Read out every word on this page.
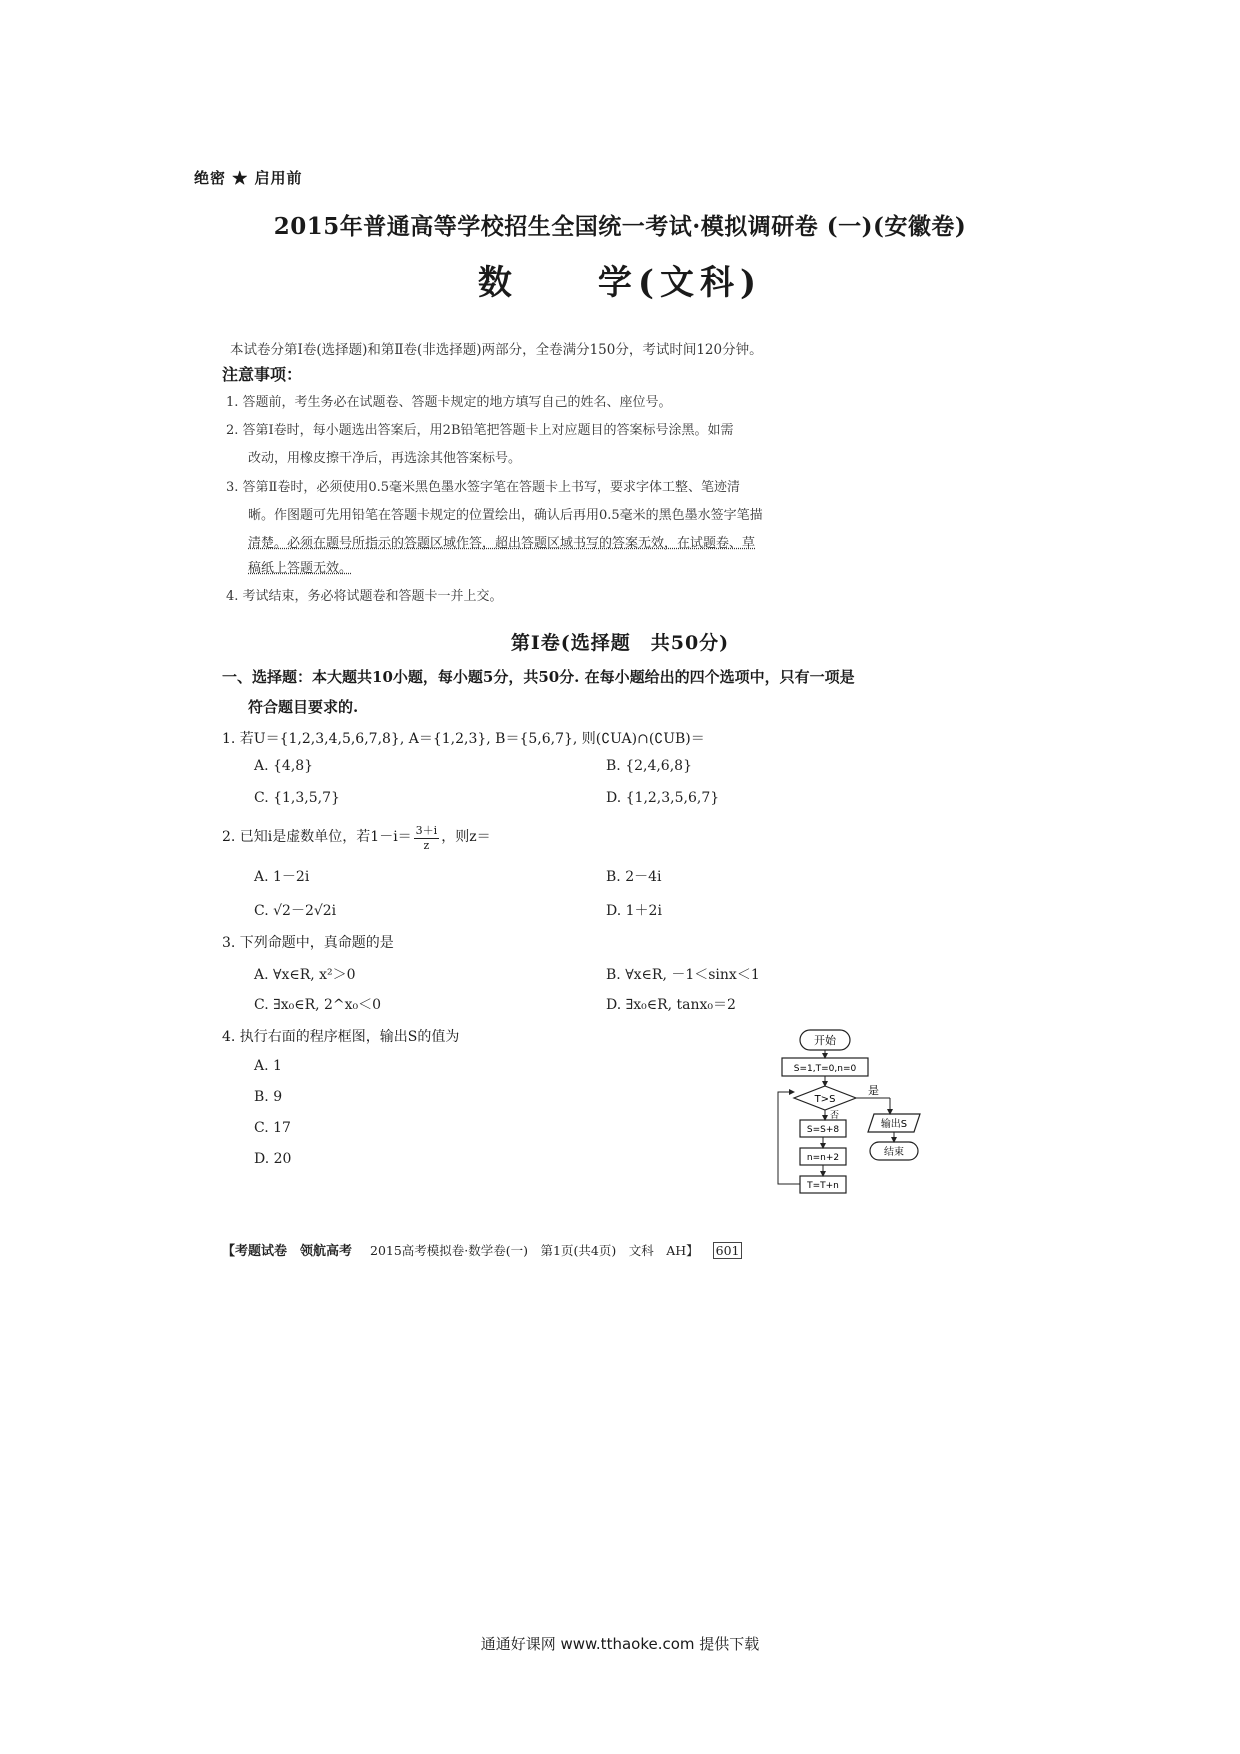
绝密 ★ 启用前
2015年普通高等学校招生全国统一考试·模拟调研卷 (一)(安徽卷)
数　　学(文科)
本试卷分第Ⅰ卷(选择题)和第Ⅱ卷(非选择题)两部分，全卷满分150分，考试时间120分钟。
注意事项：
1. 答题前，考生务必在试题卷、答题卡规定的地方填写自己的姓名、座位号。
2. 答第Ⅰ卷时，每小题选出答案后，用2B铅笔把答题卡上对应题目的答案标号涂黑。如需
改动，用橡皮擦干净后，再选涂其他答案标号。
3. 答第Ⅱ卷时，必须使用0.5毫米黑色墨水签字笔在答题卡上书写，要求字体工整、笔迹清
晰。作图题可先用铅笔在答题卡规定的位置绘出，确认后再用0.5毫米的黑色墨水签字笔描
清楚。必须在题号所指示的答题区域作答，超出答题区域书写的答案无效，在试题卷、草
稿纸上答题无效。
4. 考试结束，务必将试题卷和答题卡一并上交。
第Ⅰ卷(选择题　共50分)
一、选择题：本大题共10小题，每小题5分，共50分. 在每小题给出的四个选项中，只有一项是
符合题目要求的.
1. 若U＝{1,2,3,4,5,6,7,8}, A＝{1,2,3}, B＝{5,6,7}, 则(∁UA)∩(∁UB)＝
A. {4,8}	B. {2,4,6,8}
C. {1,3,5,7}	D. {1,2,3,5,6,7}
2. 已知i是虚数单位，若$1-i= \frac{3+i}{z}$ ，则z＝
A. 1－2i	B. 2－4i
C. √2－2√2i	D. 1＋2i
3. 下列命题中，真命题的是
A. ∀x∈R, x²＞0	B. ∀x∈R, －1＜sinx＜1
C. ∃x₀∈R, 2^x₀＜0	D. ∃x₀∈R, tanx₀＝2
4. 执行右面的程序框图，输出S的值为
A. 1
B. 9
C. 17
D. 20
开始
S=1,T=0,n=0
T>S
是
输出S
结束
否
S=S+8
n=n+2
T=T+n
【考题试卷　领航高考 2015高考模拟卷·数学卷(一)　第1页(共4页)　文科　AH】 601
通通好课网 www.tthaoke.com 提供下载
